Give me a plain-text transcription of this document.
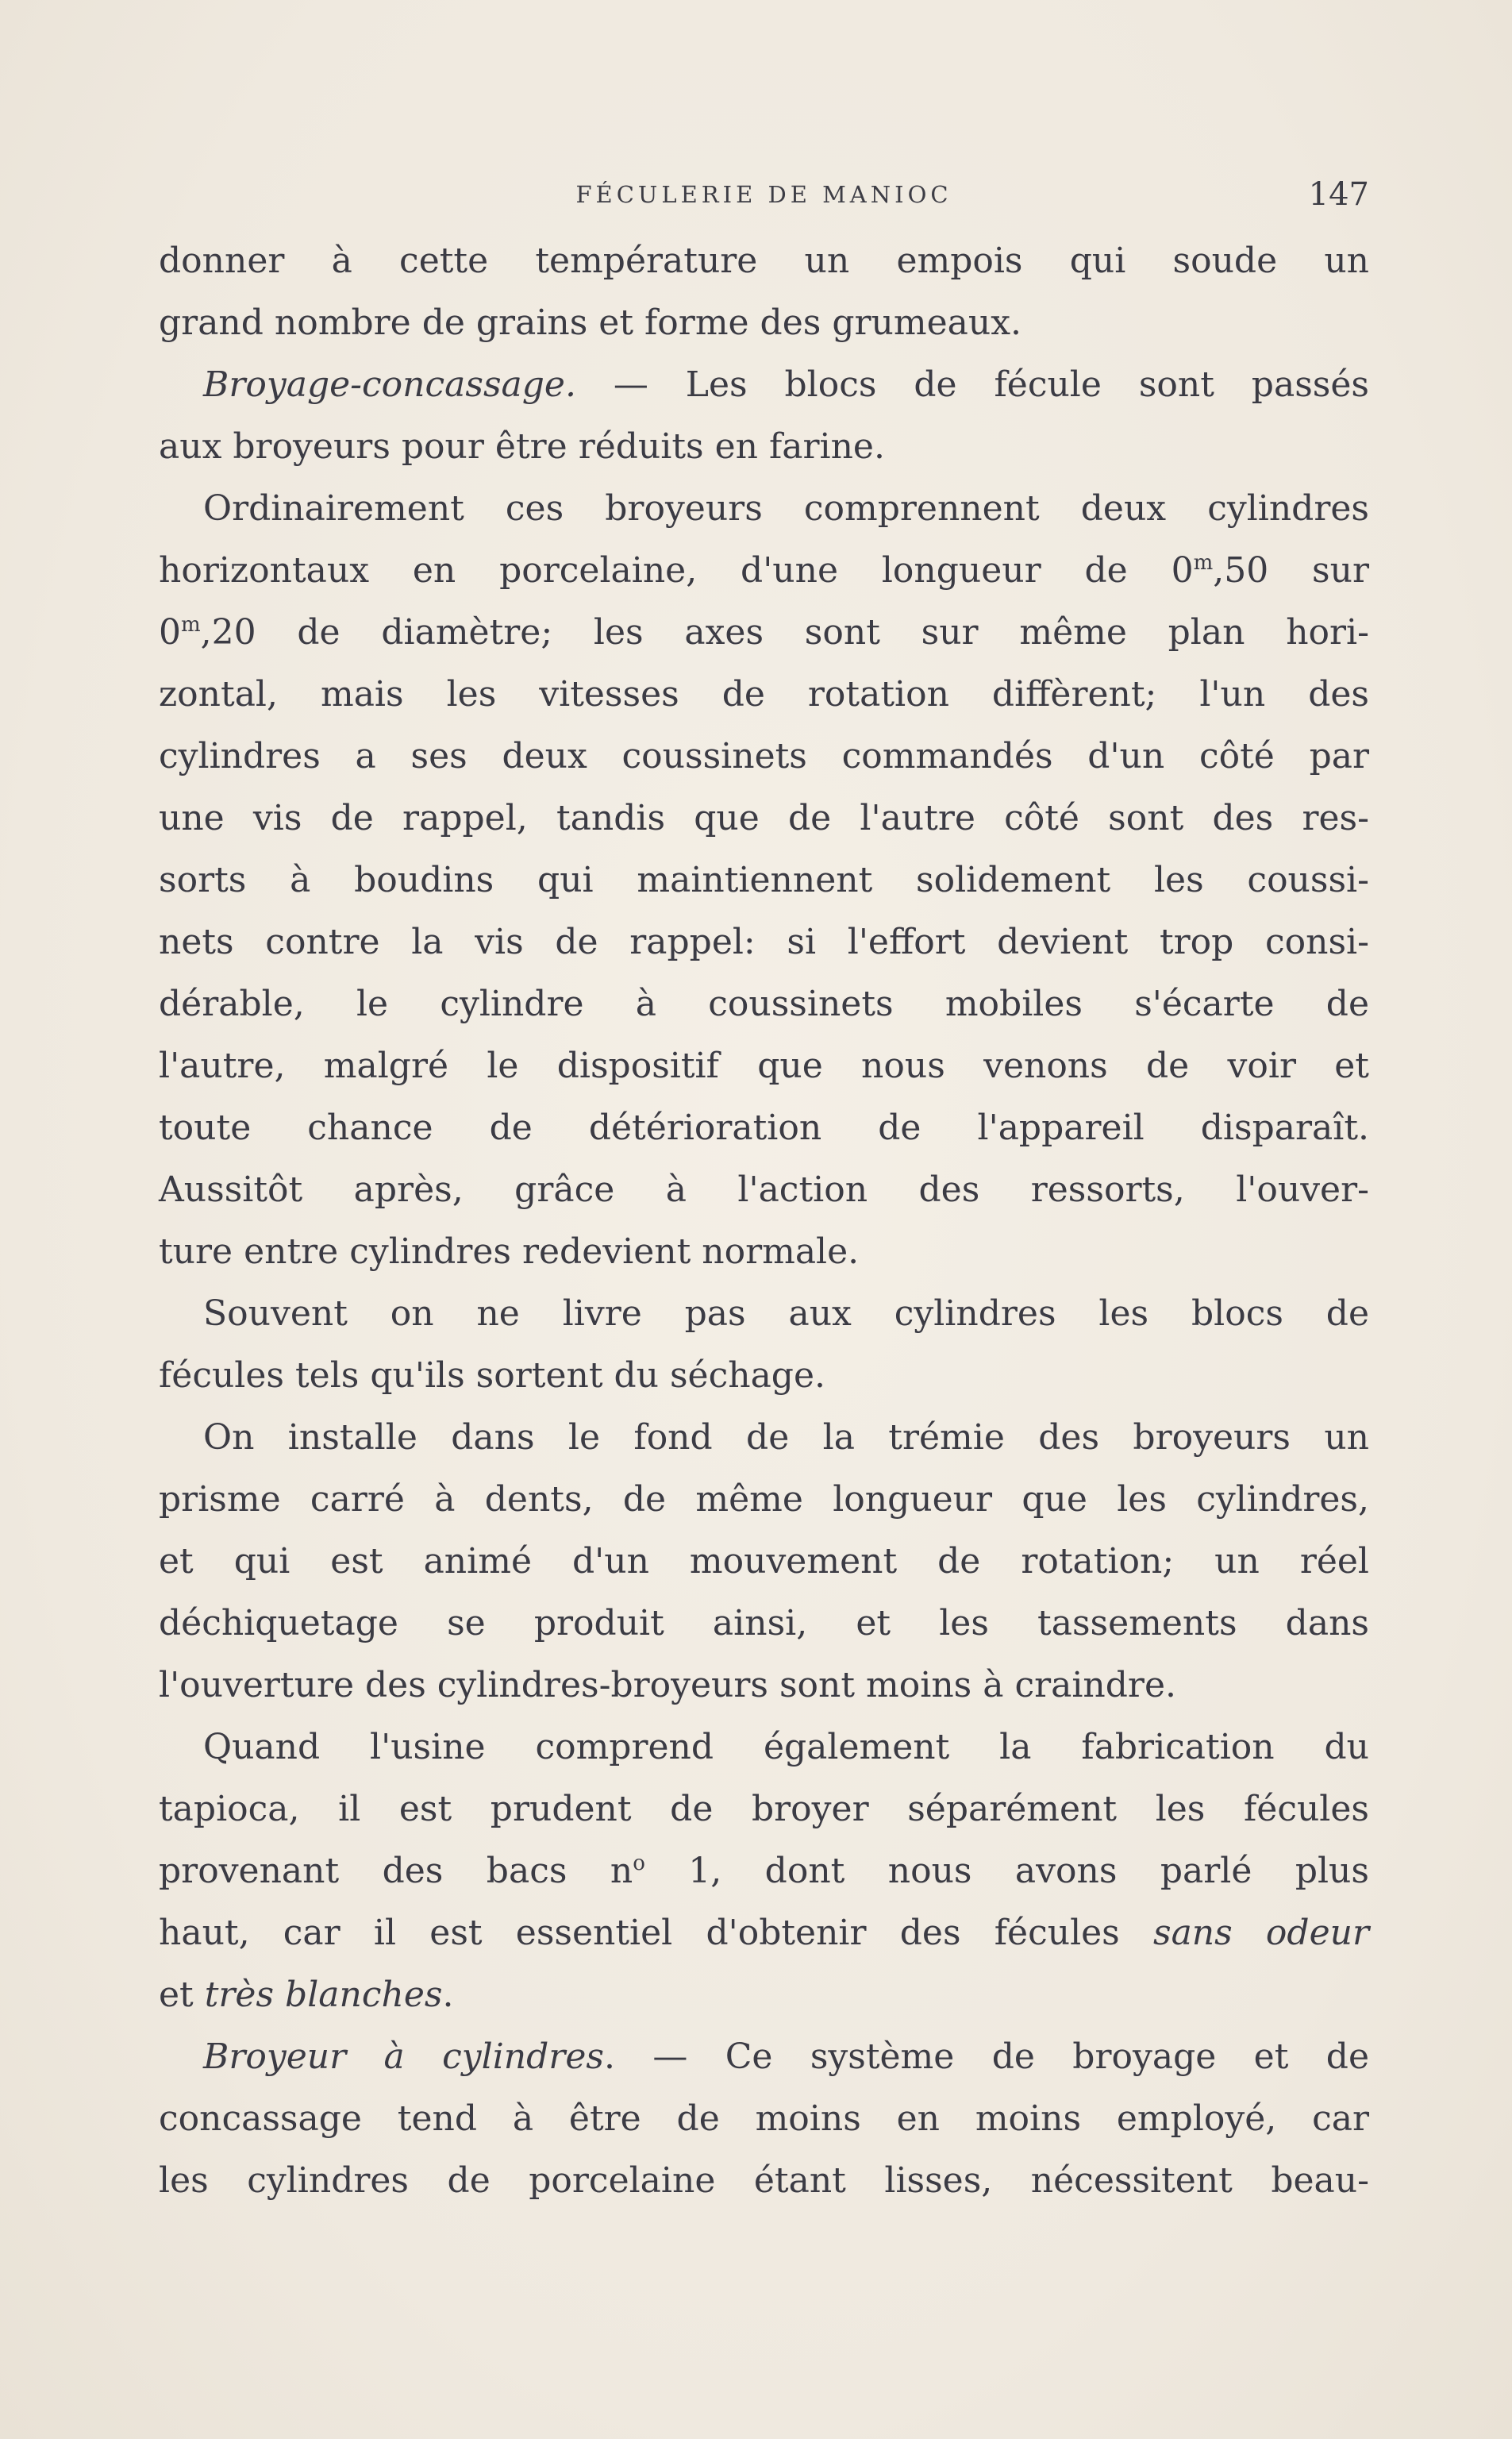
FÉCULERIE DE MANIOC	147
donner à cette température un empois qui soude un
grand nombre de grains et forme des grumeaux.
Broyage-concassage. — Les blocs de fécule sont passés
aux broyeurs pour être réduits en farine.
Ordinairement ces broyeurs comprennent deux cylindres
horizontaux en porcelaine, d'une longueur de 0$^m$,50 sur
0$^m$,20 de diamètre; les axes sont sur même plan hori-
zontal, mais les vitesses de rotation diffèrent; l'un des
cylindres a ses deux coussinets commandés d'un côté par
une vis de rappel, tandis que de l'autre côté sont des res-
sorts à boudins qui maintiennent solidement les coussi-
nets contre la vis de rappel: si l'effort devient trop consi-
dérable, le cylindre à coussinets mobiles s'écarte de
l'autre, malgré le dispositif que nous venons de voir et
toute chance de détérioration de l'appareil disparaît.
Aussitôt après, grâce à l'action des ressorts, l'ouver-
ture entre cylindres redevient normale.
Souvent on ne livre pas aux cylindres les blocs de
fécules tels qu'ils sortent du séchage.
On installe dans le fond de la trémie des broyeurs un
prisme carré à dents, de même longueur que les cylindres,
et qui est animé d'un mouvement de rotation; un réel
déchiquetage se produit ainsi, et les tassements dans
l'ouverture des cylindres-broyeurs sont moins à craindre.
Quand l'usine comprend également la fabrication du
tapioca, il est prudent de broyer séparément les fécules
provenant des bacs $n^o$ 1, dont nous avons parlé plus
haut, car il est essentiel d'obtenir des fécules sans odeur
et très blanches.
Broyeur à cylindres. — Ce système de broyage et de
concassage tend à être de moins en moins employé, car
les cylindres de porcelaine étant lisses, nécessitent beau-
